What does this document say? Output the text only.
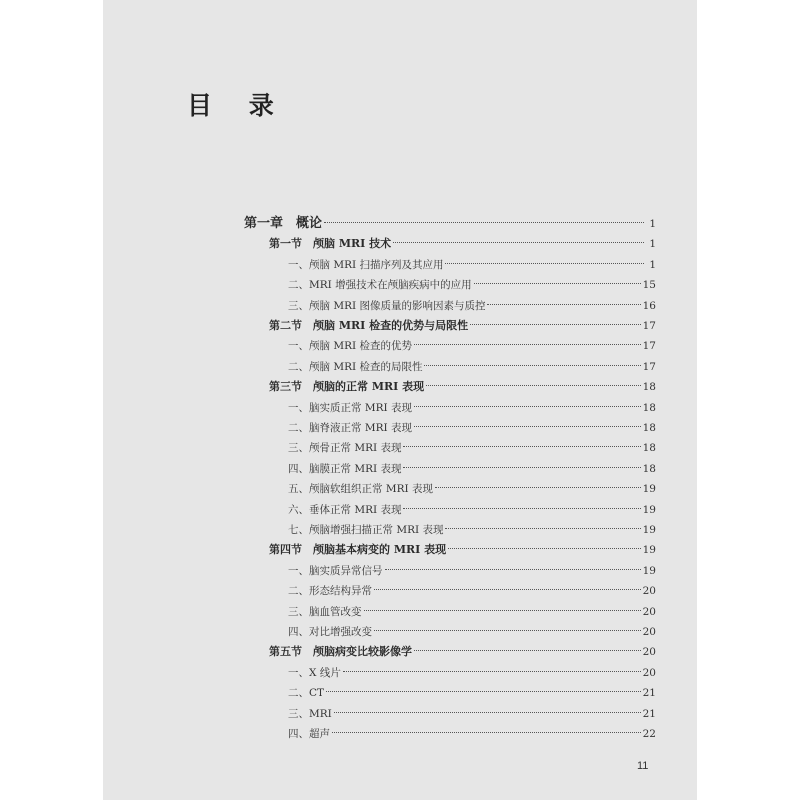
目 录
第一章　概论	1
第一节　颅脑 MRI 技术	1
一、颅脑 MRI 扫描序列及其应用	1
二、MRI 增强技术在颅脑疾病中的应用	15
三、颅脑 MRI 图像质量的影响因素与质控	16
第二节　颅脑 MRI 检查的优势与局限性	17
一、颅脑 MRI 检查的优势	17
二、颅脑 MRI 检查的局限性	17
第三节　颅脑的正常 MRI 表现	18
一、脑实质正常 MRI 表现	18
二、脑脊液正常 MRI 表现	18
三、颅骨正常 MRI 表现	18
四、脑膜正常 MRI 表现	18
五、颅脑软组织正常 MRI 表现	19
六、垂体正常 MRI 表现	19
七、颅脑增强扫描正常 MRI 表现	19
第四节　颅脑基本病变的 MRI 表现	19
一、脑实质异常信号	19
二、形态结构异常	20
三、脑血管改变	20
四、对比增强改变	20
第五节　颅脑病变比较影像学	20
一、X 线片	20
二、CT	21
三、MRI	21
四、超声	22
11
